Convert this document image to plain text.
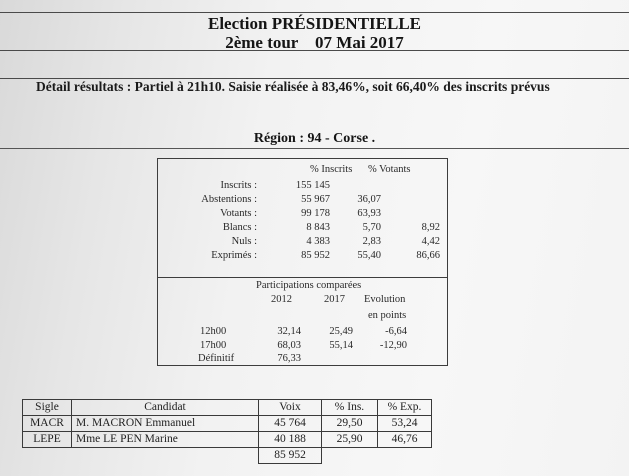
Election PRÉSIDENTIELLE
2ème tour    07 Mai 2017
Détail résultats : Partiel à 21h10. Saisie réalisée à 83,46%, soit 66,40% des inscrits prévus
Région : 94 - Corse .
% Inscrits % Votants
Inscrits :	155 145
Abstentions :	55 967	36,07
Votants :	99 178	63,93
Blancs :	8 843	5,70	8,92
Nuls :	4 383	2,83	4,42
Exprimés :	85 952	55,40	86,66
Participations comparées
2012	2017 Evolution
en points
12h00	32,14	25,49	-6,64
17h00	68,03	55,14	-12,90
Définitif	76,33
Sigle	Candidat	Voix	% Ins.	% Exp.
MACR	M. MACRON Emmanuel	45 764	29,50	53,24
LEPE	Mme LE PEN Marine	40 188	25,90	46,76
		85 952		
